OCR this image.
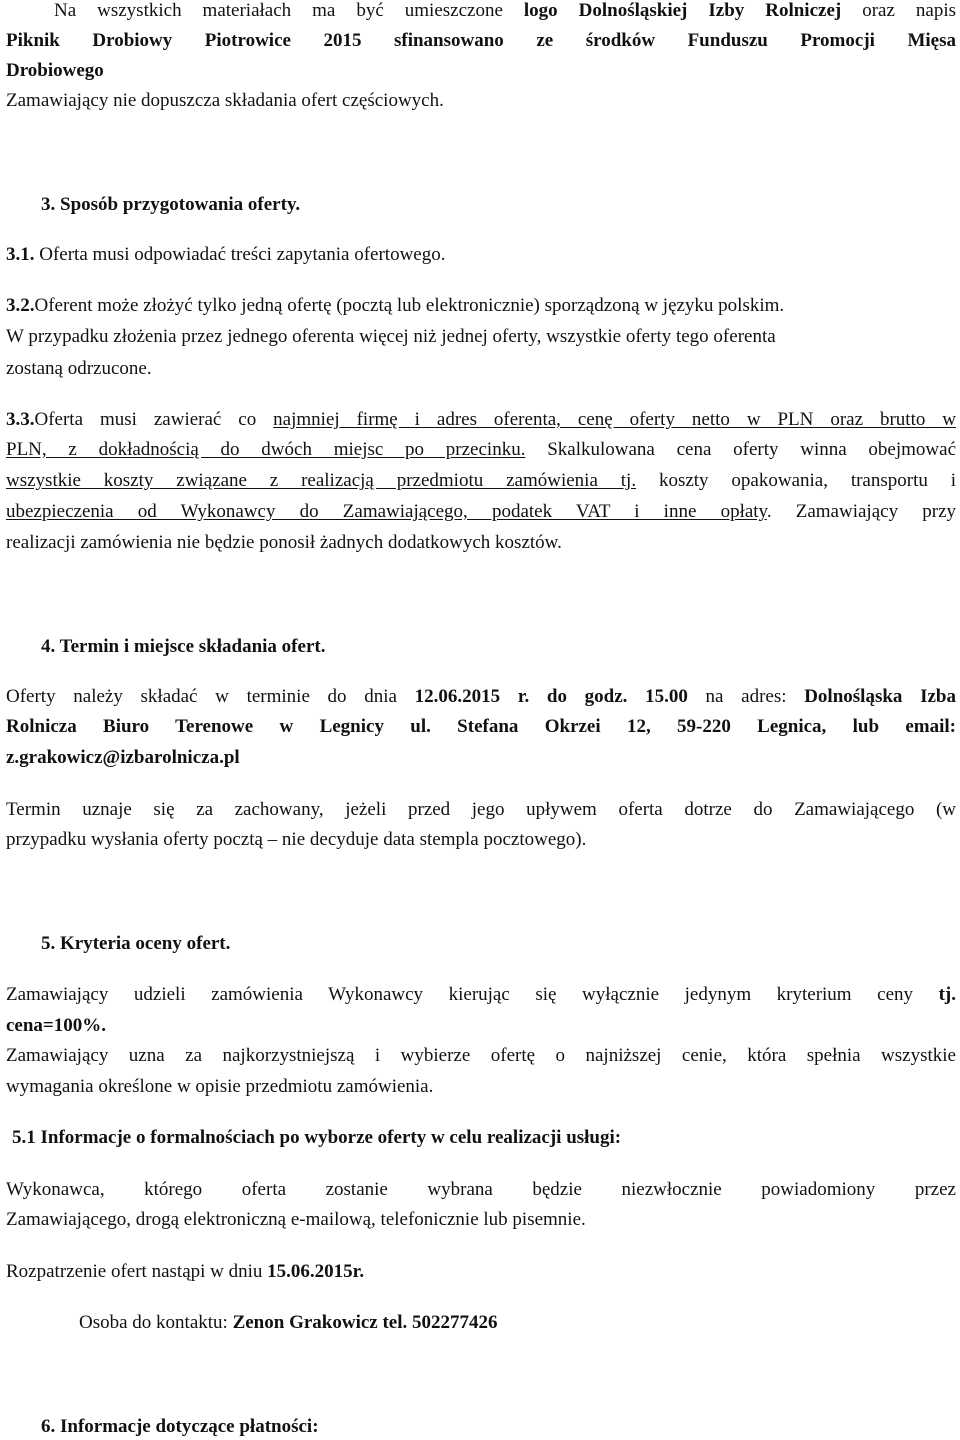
Na wszystkich materiałach ma być umieszczone logo Dolnośląskiej Izby Rolniczej oraz napis

Piknik Drobiowy Piotrowice 2015 sfinansowano ze środków Funduszu Promocji Mięsa

Drobiowego

Zamawiający nie dopuszcza składania ofert częściowych.

3. Sposób przygotowania oferty.

3.1. Oferta musi odpowiadać treści zapytania ofertowego.

3.2.Oferent może złożyć tylko jedną ofertę (pocztą lub elektronicznie) sporządzoną w języku polskim.

W przypadku złożenia przez jednego oferenta więcej niż jednej oferty, wszystkie oferty tego oferenta

zostaną odrzucone.

3.3.Oferta musi zawierać co najmniej firmę i adres oferenta, cenę oferty netto w PLN oraz brutto w

PLN, z dokładnością do dwóch miejsc po przecinku. Skalkulowana cena oferty winna obejmować

wszystkie koszty związane z realizacją przedmiotu zamówienia tj. koszty opakowania, transportu i

ubezpieczenia od Wykonawcy do Zamawiającego, podatek VAT i inne opłaty. Zamawiający przy

realizacji zamówienia nie będzie ponosił żadnych dodatkowych kosztów.

4. Termin i miejsce składania ofert.

Oferty należy składać w terminie do dnia 12.06.2015 r. do godz. 15.00 na adres: Dolnośląska Izba

Rolnicza Biuro Terenowe w Legnicy ul. Stefana Okrzei 12, 59-220 Legnica, lub email:

z.grakowicz@izbarolnicza.pl

Termin uznaje się za zachowany, jeżeli przed jego upływem oferta dotrze do Zamawiającego (w

przypadku wysłania oferty pocztą – nie decyduje data stempla pocztowego).

5. Kryteria oceny ofert.

Zamawiający udzieli zamówienia Wykonawcy kierując się wyłącznie jedynym kryterium ceny tj.

cena=100%.

Zamawiający uzna za najkorzystniejszą i wybierze ofertę o najniższej cenie, która spełnia wszystkie

wymagania określone w opisie przedmiotu zamówienia.

5.1 Informacje o formalnościach po wyborze oferty w celu realizacji usługi:

Wykonawca, którego oferta zostanie wybrana będzie niezwłocznie powiadomiony przez

Zamawiającego, drogą elektroniczną e-mailową, telefonicznie lub pisemnie.

Rozpatrzenie ofert nastąpi w dniu 15.06.2015r.

Osoba do kontaktu: Zenon Grakowicz tel. 502277426

6. Informacje dotyczące płatności:
